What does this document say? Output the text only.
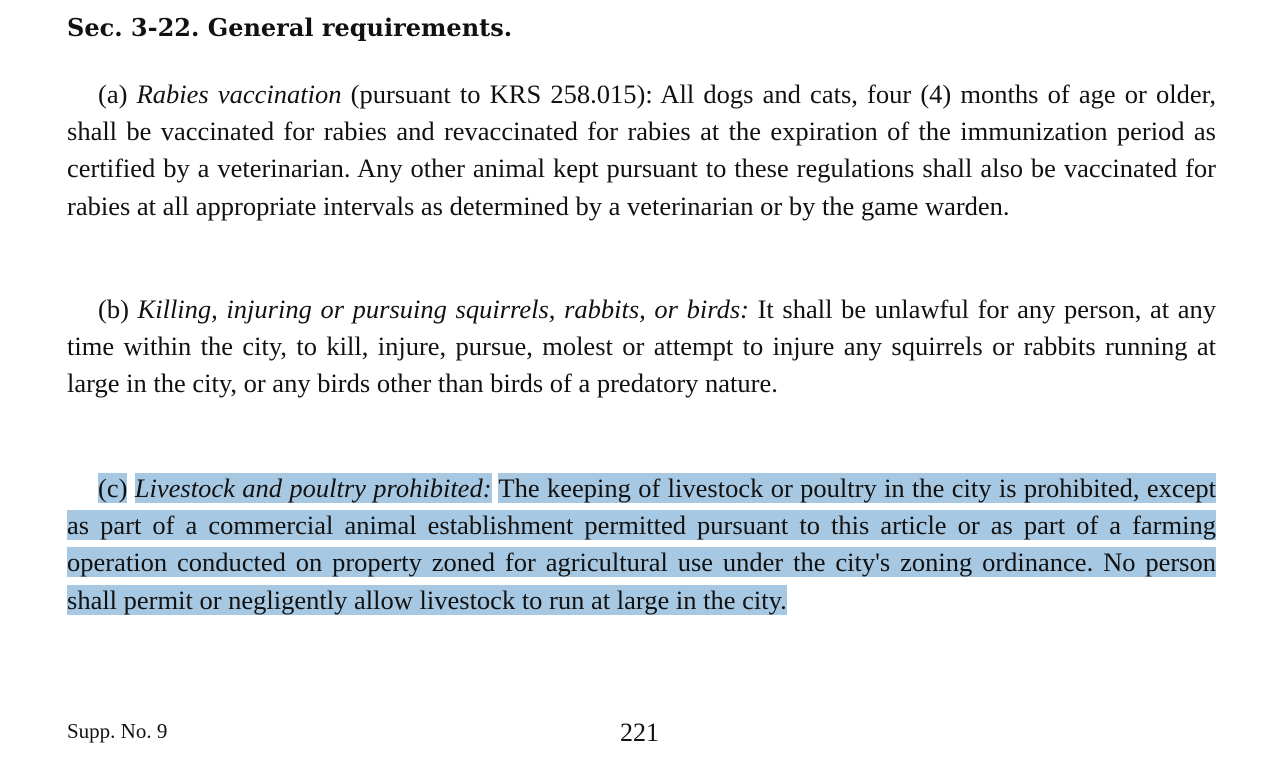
Sec. 3-22. General requirements.

(a) Rabies vaccination (pursuant to KRS 258.015): All dogs and cats, four (4) months of age or older, shall be vaccinated for rabies and revaccinated for rabies at the expiration of the immunization period as certified by a veterinarian. Any other animal kept pursuant to these regulations shall also be vaccinated for rabies at all appropriate intervals as determined by a veterinarian or by the game warden.

(b) Killing, injuring or pursuing squirrels, rabbits, or birds: It shall be unlawful for any person, at any time within the city, to kill, injure, pursue, molest or attempt to injure any squirrels or rabbits running at large in the city, or any birds other than birds of a predatory nature.

(c) Livestock and poultry prohibited: The keeping of livestock or poultry in the city is prohibited, except as part of a commercial animal establishment permitted pursuant to this article or as part of a farming operation conducted on property zoned for agricultural use under the city's zoning ordinance. No person shall permit or negligently allow livestock to run at large in the city.

Supp. No. 9	221
